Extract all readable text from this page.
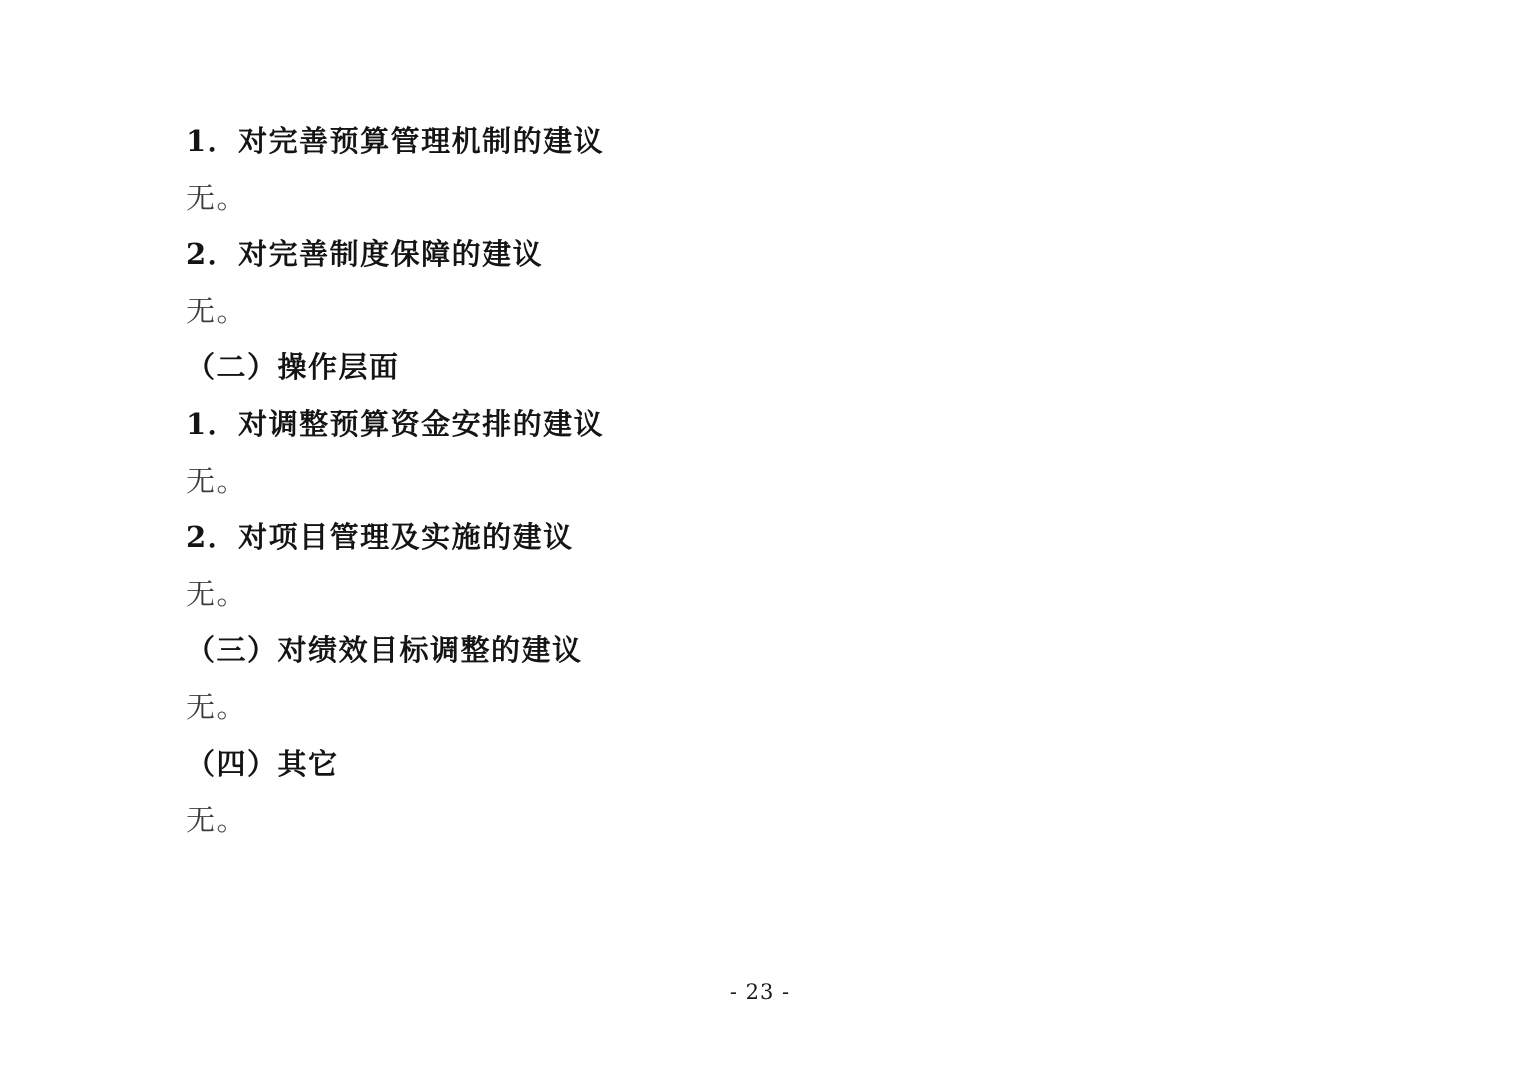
1．对完善预算管理机制的建议
无。
2．对完善制度保障的建议
无。
（二）操作层面
1．对调整预算资金安排的建议
无。
2．对项目管理及实施的建议
无。
（三）对绩效目标调整的建议
无。
（四）其它
无。
- 23 -
